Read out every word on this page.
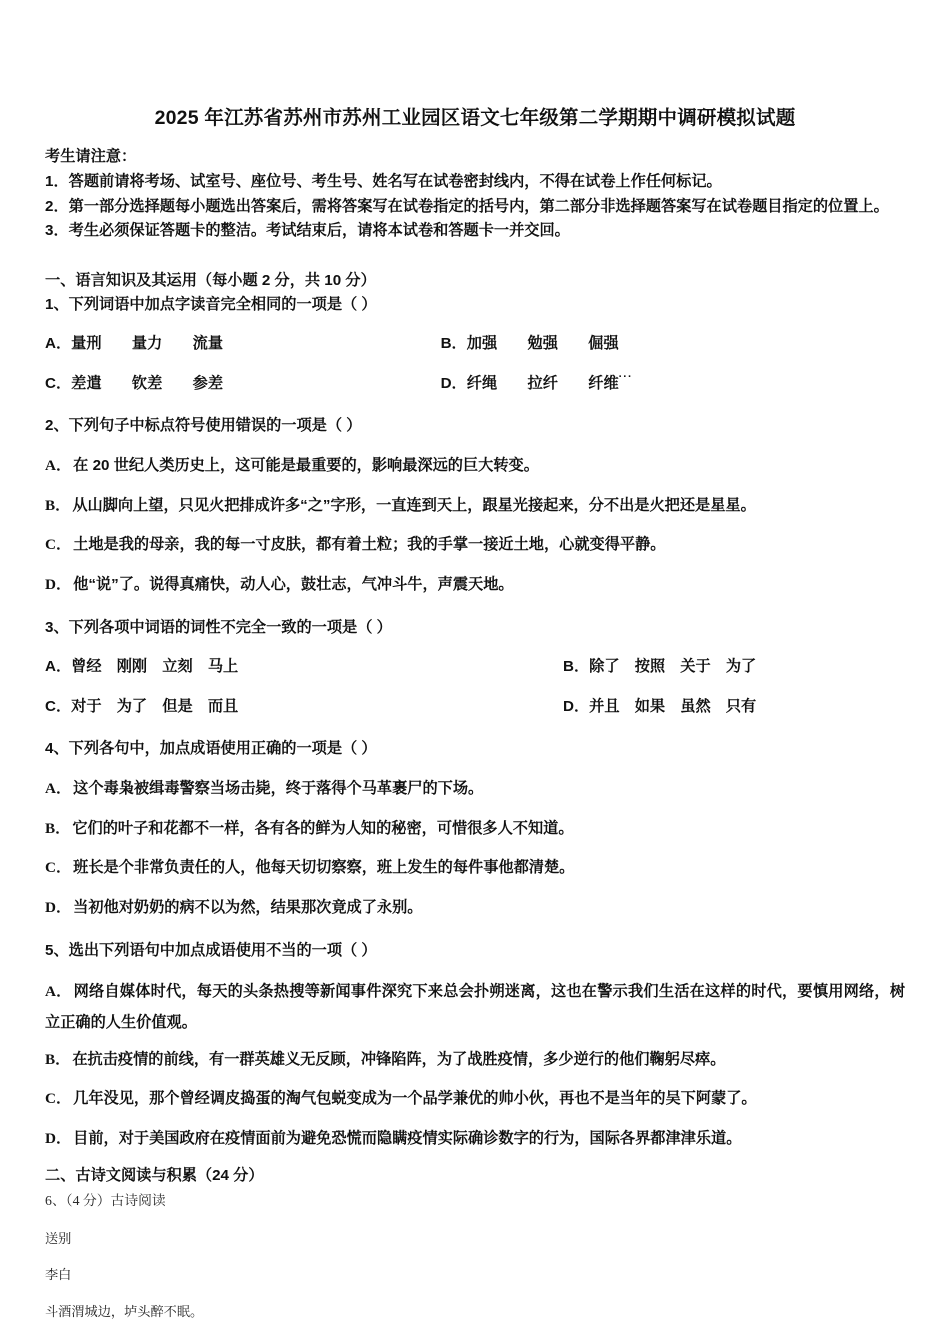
2025 年江苏省苏州市苏州工业园区语文七年级第二学期期中调研模拟试题

考生请注意：

1．答题前请将考场、试室号、座位号、考生号、姓名写在试卷密封线内，不得在试卷上作任何标记。

2．第一部分选择题每小题选出答案后，需将答案写在试卷指定的括号内，第二部分非选择题答案写在试卷题目指定的位置上。

3．考生必须保证答题卡的整洁。考试结束后，请将本试卷和答题卡一并交回。

一、语言知识及其运用（每小题 2 分，共 10 分）

1、下列词语中加点字读音完全相同的一项是（ ）

A． 量刑　　量力　　流量	B． 加强　　勉强　　倔强
C． 差遣　　钦差　　参差	D． 纤绳　　拉纤　　纤维 ···

2、下列句子中标点符号使用错误的一项是（ ）

A． 在 20 世纪人类历史上，这可能是最重要的，影响最深远的巨大转变。

B． 从山脚向上望，只见火把排成许多“之”字形，一直连到天上，跟星光接起来，分不出是火把还是星星。

C． 土地是我的母亲，我的每一寸皮肤，都有着土粒；我的手掌一接近土地，心就变得平静。

D． 他“说”了。说得真痛快，动人心，鼓壮志，气冲斗牛，声震天地。

3、下列各项中词语的词性不完全一致的一项是（ ）

A． 曾经　刚刚　立刻　马上	B． 除了　按照　关于　为了
C． 对于　为了　但是　而且	D． 并且　如果　虽然　只有

4、下列各句中，加点成语使用正确的一项是（ ）

A． 这个毒枭被缉毒警察当场击毙，终于落得个马革裹尸的下场。

B． 它们的叶子和花都不一样，各有各的鲜为人知的秘密，可惜很多人不知道。

C． 班长是个非常负责任的人，他每天切切察察，班上发生的每件事他都清楚。

D． 当初他对奶奶的病不以为然，结果那次竟成了永别。

5、选出下列语句中加点成语使用不当的一项（ ）

A． 网络自媒体时代，每天的头条热搜等新闻事件深究下来总会扑朔迷离，这也在警示我们生活在这样的时代，要慎用网络，树立正确的人生价值观。

B． 在抗击疫情的前线，有一群英雄义无反顾，冲锋陷阵，为了战胜疫情，多少逆行的他们鞠躬尽瘁。

C． 几年没见，那个曾经调皮捣蛋的淘气包蜕变成为一个品学兼优的帅小伙，再也不是当年的吴下阿蒙了。

D． 目前，对于美国政府在疫情面前为避免恐慌而隐瞒疫情实际确诊数字的行为，国际各界都津津乐道。

二、古诗文阅读与积累（24 分）

6、（4 分）古诗阅读

送别

李白

斗酒渭城边，垆头醉不眠。
